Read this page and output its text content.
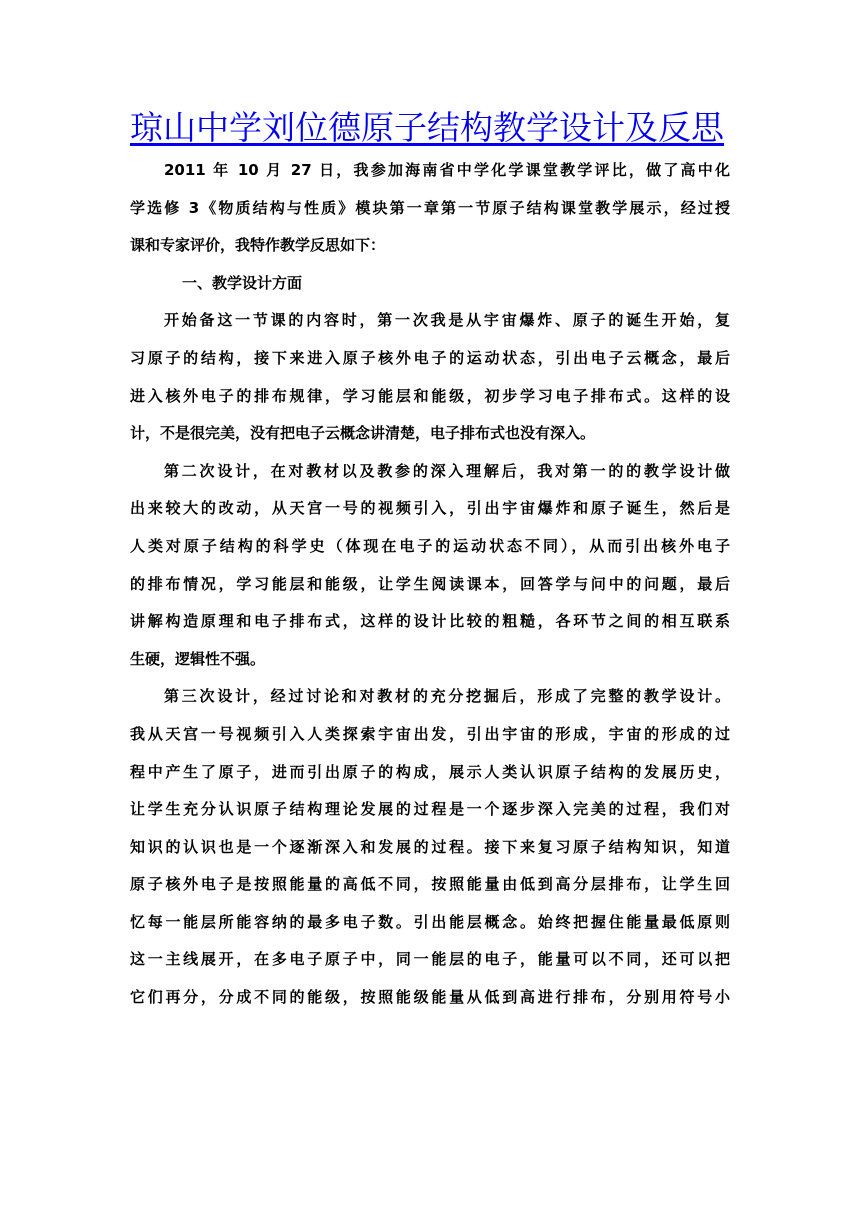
琼山中学刘位德原子结构教学设计及反思
2011 年 10 月 27 日，我参加海南省中学化学课堂教学评比，做了高中化
学选修 3《物质结构与性质》模块第一章第一节原子结构课堂教学展示，经过授
课和专家评价，我特作教学反思如下：
一、教学设计方面
开始备这一节课的内容时，第一次我是从宇宙爆炸、原子的诞生开始，复
习原子的结构，接下来进入原子核外电子的运动状态，引出电子云概念，最后
进入核外电子的排布规律，学习能层和能级，初步学习电子排布式。这样的设
计，不是很完美，没有把电子云概念讲清楚，电子排布式也没有深入。
第二次设计，在对教材以及教参的深入理解后，我对第一的的教学设计做
出来较大的改动，从天宫一号的视频引入，引出宇宙爆炸和原子诞生，然后是
人类对原子结构的科学史（体现在电子的运动状态不同），从而引出核外电子
的排布情况，学习能层和能级，让学生阅读课本，回答学与问中的问题，最后
讲解构造原理和电子排布式，这样的设计比较的粗糙，各环节之间的相互联系
生硬，逻辑性不强。
第三次设计，经过讨论和对教材的充分挖掘后，形成了完整的教学设计。
我从天宫一号视频引入人类探索宇宙出发，引出宇宙的形成，宇宙的形成的过
程中产生了原子，进而引出原子的构成，展示人类认识原子结构的发展历史，
让学生充分认识原子结构理论发展的过程是一个逐步深入完美的过程，我们对
知识的认识也是一个逐渐深入和发展的过程。接下来复习原子结构知识，知道
原子核外电子是按照能量的高低不同，按照能量由低到高分层排布，让学生回
忆每一能层所能容纳的最多电子数。引出能层概念。始终把握住能量最低原则
这一主线展开，在多电子原子中，同一能层的电子，能量可以不同，还可以把
它们再分，分成不同的能级，按照能级能量从低到高进行排布，分别用符号小
